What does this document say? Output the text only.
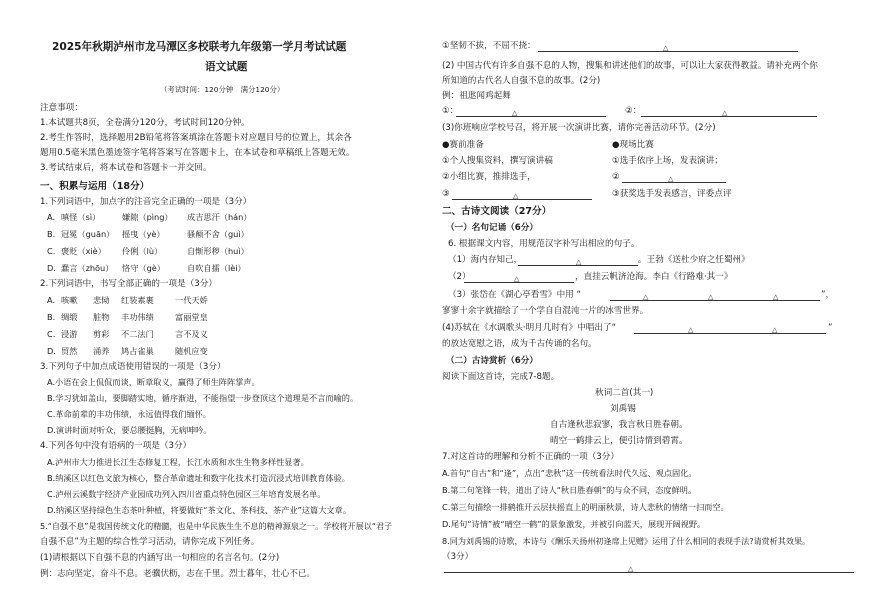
2025年秋期泸州市龙马潭区多校联考九年级第一学月考试试题
语文试题
（考试时间：120分钟　满分120分）
注意事项：
1.本试题共8页，全卷满分120分，考试时间120分钟。
2.考生作答时，选择题用2B铅笔将答案填涂在答题卡对应题目号的位置上，其余各
题用0.5毫米黑色墨迹签字笔将答案写在答题卡上，在本试卷和草稿纸上答题无效。
3.考试结束后，将本试卷和答题卡一并交回。
一、积累与运用（18分）
1.下列词语中，加点字的注音完全正确的一项是（3分）
A. 嗔怪（sì）	嫌隙（pìng） 成吉思汗（hán）
B. 冠冕（guān） 摇曳（yè）	骚颠不舍（guì）
C. 褒贬（xiè） 伶俐（lù）	自惭形秽（huì）
D. 蠢言（zhōu） 恪守（gè）	自吹自擂（lèi）
2.下列词语中，书写全部正确的一项是（3分）
A. 咳嗽 悲恸 红装素裹	一代天娇
B. 绸缎 脏物 丰功伟绩	富丽堂皇
C. 浸游 剪彩 不二法门	言不及义
D. 贸然 涌养 鸠占雀巢	随机应变
3.下列句子中加点成语使用错误的一项是（3分）
A.小语在会上侃侃而谈，断章取义，赢得了师生阵阵掌声。
B.学习犹如盖山，要脚踏实地，循序渐进，不能指望一步登顶这个道理是不言而喻的。
C.革命前辈的丰功伟绩，永远值得我们缅怀。
D.演讲时面对听众，要总腰挺胸，无病呻吟。
4.下列各句中没有语病的一项是（3分）
A.泸州市大力推进长江生态修复工程，长江水质和水生生物多样性显著。
B.纳溪区以红色文旅为核心，整合革命遗址和数字化技术打造沉浸式培训教育体验。
C.泸州云溪数字经济产业园成功列入四川省重点特色园区三年培育发展名单。
D.纳溪区坚持绿色生态茶叶种植，将要做好“茶文化、茶科技、茶产业”这篇大文章。
5.“自强不息”是我国传统文化的精髓，也是中华民族生生不息的精神源泉之一。学校将开展以“君子
自强不息”为主题的综合性学习活动，请你完成下列任务。
(1)请根据以下自强不息的内涵写出一句相应的名言名句。(2分)
例：志向坚定，奋斗不息。老骥伏枥，志在千里。烈士暮年，壮心不已。
①坚韧不拔，不屈不挠：	△
(2) 中国古代有许多自强不息的人物，搜集和讲述他们的故事，可以让大家获得教益。请补充两个你
所知道的古代名人自强不息的故事。(2分)
例：祖逖闻鸡起舞
①：	△	②：	△
(3)你班响应学校号召，将开展一次演讲比赛，请你完善活动环节。(2分)
●赛前准备	●现场比赛
①个人搜集资料，撰写演讲稿	①选手依序上场，发表演讲；
②小组比赛，推排选手，	②	△
③	△	③获奖选手发表感言，评委点评
二、古诗文阅读（27分）
（一）名句记诵（6分）
6. 根据课文内容，用规范汉字补写出相应的句子。
（1）海内存知己，	△	。王勃《送杜少府之任蜀州》
（2）	△	，直挂云帆济沧海。李白《行路难·其一》
（3）张岱在《湖心亭看雪》中用 “	△	△	△	”，
寥寥十余字就描绘了一个学自自混沌一片的冰雪世界。
(4)苏轼在《水调歌头·明月几时有》中唱出了“	△	△	”
的放达宽慰之语，成为千古传诵的名句。
（二）古诗赏析（6分）
阅读下面这首诗，完成7-8题。
秋词二首(其一)
刘禹锡
自古逢秋悲寂寥，我言秋日胜春朝。
晴空一鹤排云上，便引诗情到碧霄。
7.对这首诗的理解和分析不正确的一项（3分）
A.首句“自古”和“逢”，点出“悲秋”这一传统看法时代久远、观点固化。
B.第二句笔锋一转，道出了诗人“秋日胜春朝”的与众不同，态度鲜明。
C.第三句描绘一排鹤推开云层扶摇直上的明丽秋景，诗人悲秋的情绪一扫而空。
D.尾句“诗情”被“晴空一鹤”的景象激发，并被引向蓝天，展现开阔视野。
8.同为刘禹锡的诗歌，本诗与《酬乐天扬州初逢席上见赠》运用了什么相同的表现手法?请赏析其效果。
（3分）
△
